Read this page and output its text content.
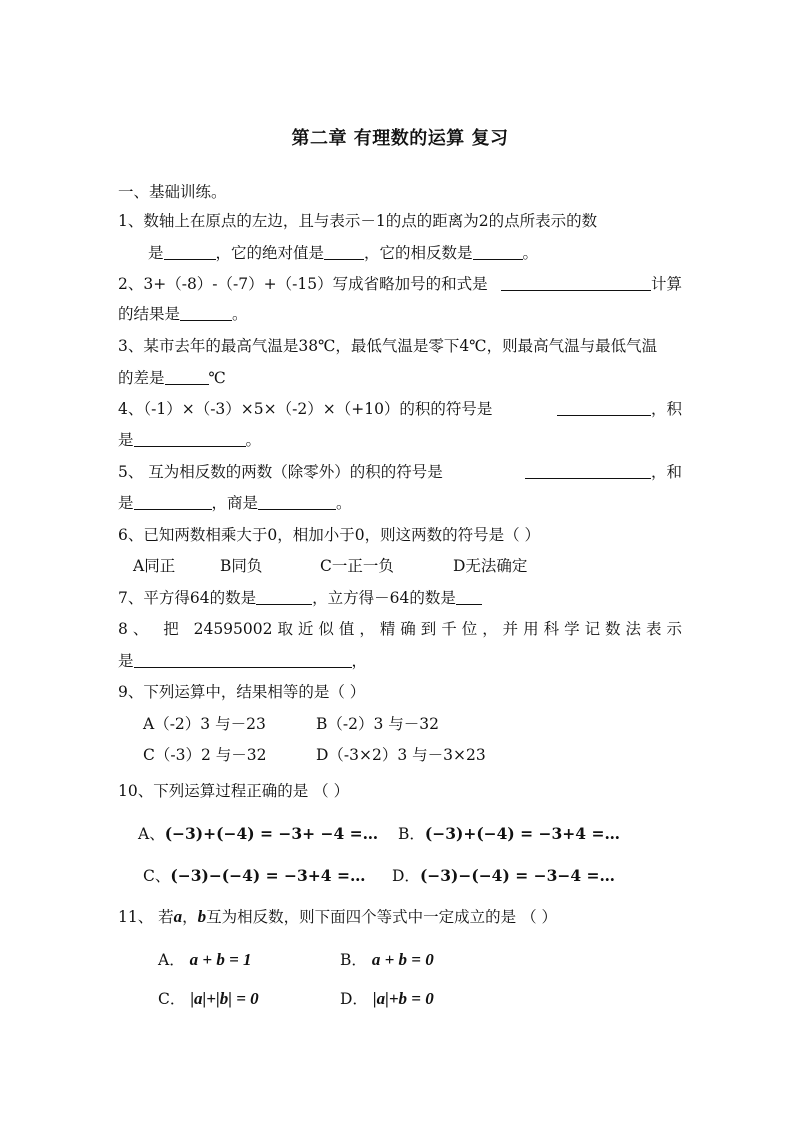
第二章 有理数的运算 复习
一、基础训练。
1、数轴上在原点的左边，且与表示－1的点的距离为2的点所表示的数
是	，它的绝对值是	，它的相反数是	。
2、3+（-8）-（-7）+（-15）写成省略加号的和式是	计算
的结果是	。
3、某市去年的最高气温是38℃，最低气温是零下4℃，则最高气温与最低气温
的差是	℃
4、（-1）×（-3）×5×（-2）×（+10）的积的符号是	，积
是	。
5、 互为相反数的两数（除零外）的积的符号是	，和
是	，商是	。
6、已知两数相乘大于0，相加小于0，则这两数的符号是（ ）
A同正	B同负	C一正一负	D无法确定
7、平方得64的数是	，立方得－64的数是
8、 把 24595002取近似值，精确到千位，并用科学记数法表示
是	，
9、下列运算中，结果相等的是（ ）
A（-2）3 与－23	B（-2）3 与－32
C（-3）2 与－32	D（-3×2）3 与－3×23
10、下列运算过程正确的是 （ ）
A、(−3)+(−4) = −3+ −4 =… B．(−3)+(−4) = −3+4 =…
C、(−3)−(−4) = −3+4 =… D．(−3)−(−4) = −3−4 =…
11、 若a，b互为相反数，则下面四个等式中一定成立的是 （ ）
A． a + b = 1	B． a + b = 0
C． |a|+|b| = 0	D． |a|+b = 0
